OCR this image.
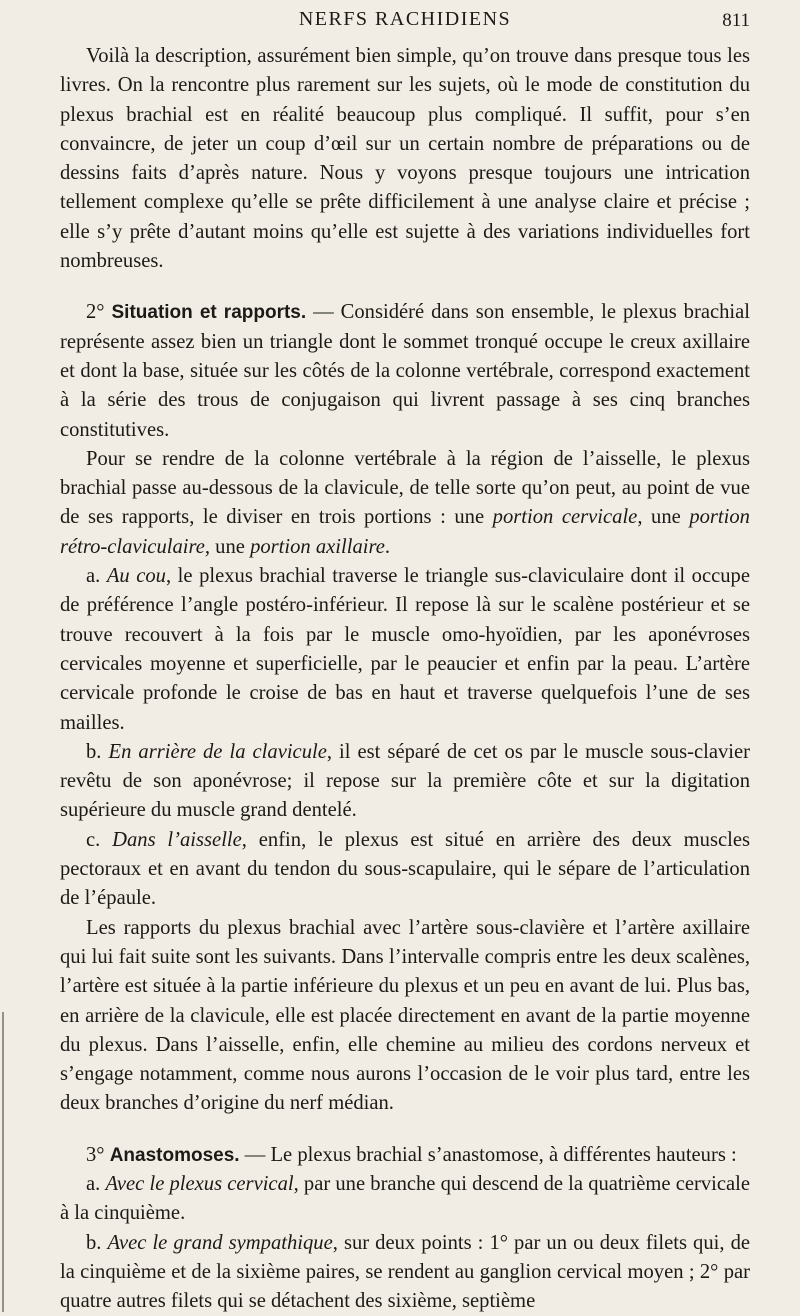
NERFS RACHIDIENS	811

Voilà la description, assurément bien simple, qu’on trouve dans presque tous les livres. On la rencontre plus rarement sur les sujets, où le mode de constitution du plexus brachial est en réalité beaucoup plus compliqué. Il suffit, pour s’en convaincre, de jeter un coup d’œil sur un certain nombre de préparations ou de dessins faits d’après nature. Nous y voyons presque toujours une intrication tellement complexe qu’elle se prête difficilement à une analyse claire et précise ; elle s’y prête d’autant moins qu’elle est sujette à des variations individuelles fort nombreuses.

2° Situation et rapports. — Considéré dans son ensemble, le plexus brachial représente assez bien un triangle dont le sommet tronqué occupe le creux axillaire et dont la base, située sur les côtés de la colonne vertébrale, correspond exactement à la série des trous de conjugaison qui livrent passage à ses cinq branches constitutives.

Pour se rendre de la colonne vertébrale à la région de l’aisselle, le plexus brachial passe au-dessous de la clavicule, de telle sorte qu’on peut, au point de vue de ses rapports, le diviser en trois portions : une portion cervicale, une portion rétro-claviculaire, une portion axillaire.

a. Au cou, le plexus brachial traverse le triangle sus-claviculaire dont il occupe de préférence l’angle postéro-inférieur. Il repose là sur le scalène postérieur et se trouve recouvert à la fois par le muscle omo-hyoïdien, par les aponévroses cervicales moyenne et superficielle, par le peaucier et enfin par la peau. L’artère cervicale profonde le croise de bas en haut et traverse quelquefois l’une de ses mailles.

b. En arrière de la clavicule, il est séparé de cet os par le muscle sous-clavier revêtu de son aponévrose; il repose sur la première côte et sur la digitation supérieure du muscle grand dentelé.

c. Dans l’aisselle, enfin, le plexus est situé en arrière des deux muscles pectoraux et en avant du tendon du sous-scapulaire, qui le sépare de l’articulation de l’épaule.

Les rapports du plexus brachial avec l’artère sous-clavière et l’artère axillaire qui lui fait suite sont les suivants. Dans l’intervalle compris entre les deux scalènes, l’artère est située à la partie inférieure du plexus et un peu en avant de lui. Plus bas, en arrière de la clavicule, elle est placée directement en avant de la partie moyenne du plexus. Dans l’aisselle, enfin, elle chemine au milieu des cordons nerveux et s’engage notamment, comme nous aurons l’occasion de le voir plus tard, entre les deux branches d’origine du nerf médian.

3° Anastomoses. — Le plexus brachial s’anastomose, à différentes hauteurs :

a. Avec le plexus cervical, par une branche qui descend de la quatrième cervicale à la cinquième.

b. Avec le grand sympathique, sur deux points : 1° par un ou deux filets qui, de la cinquième et de la sixième paires, se rendent au ganglion cervical moyen ; 2° par quatre autres filets qui se détachent des sixième, septième
